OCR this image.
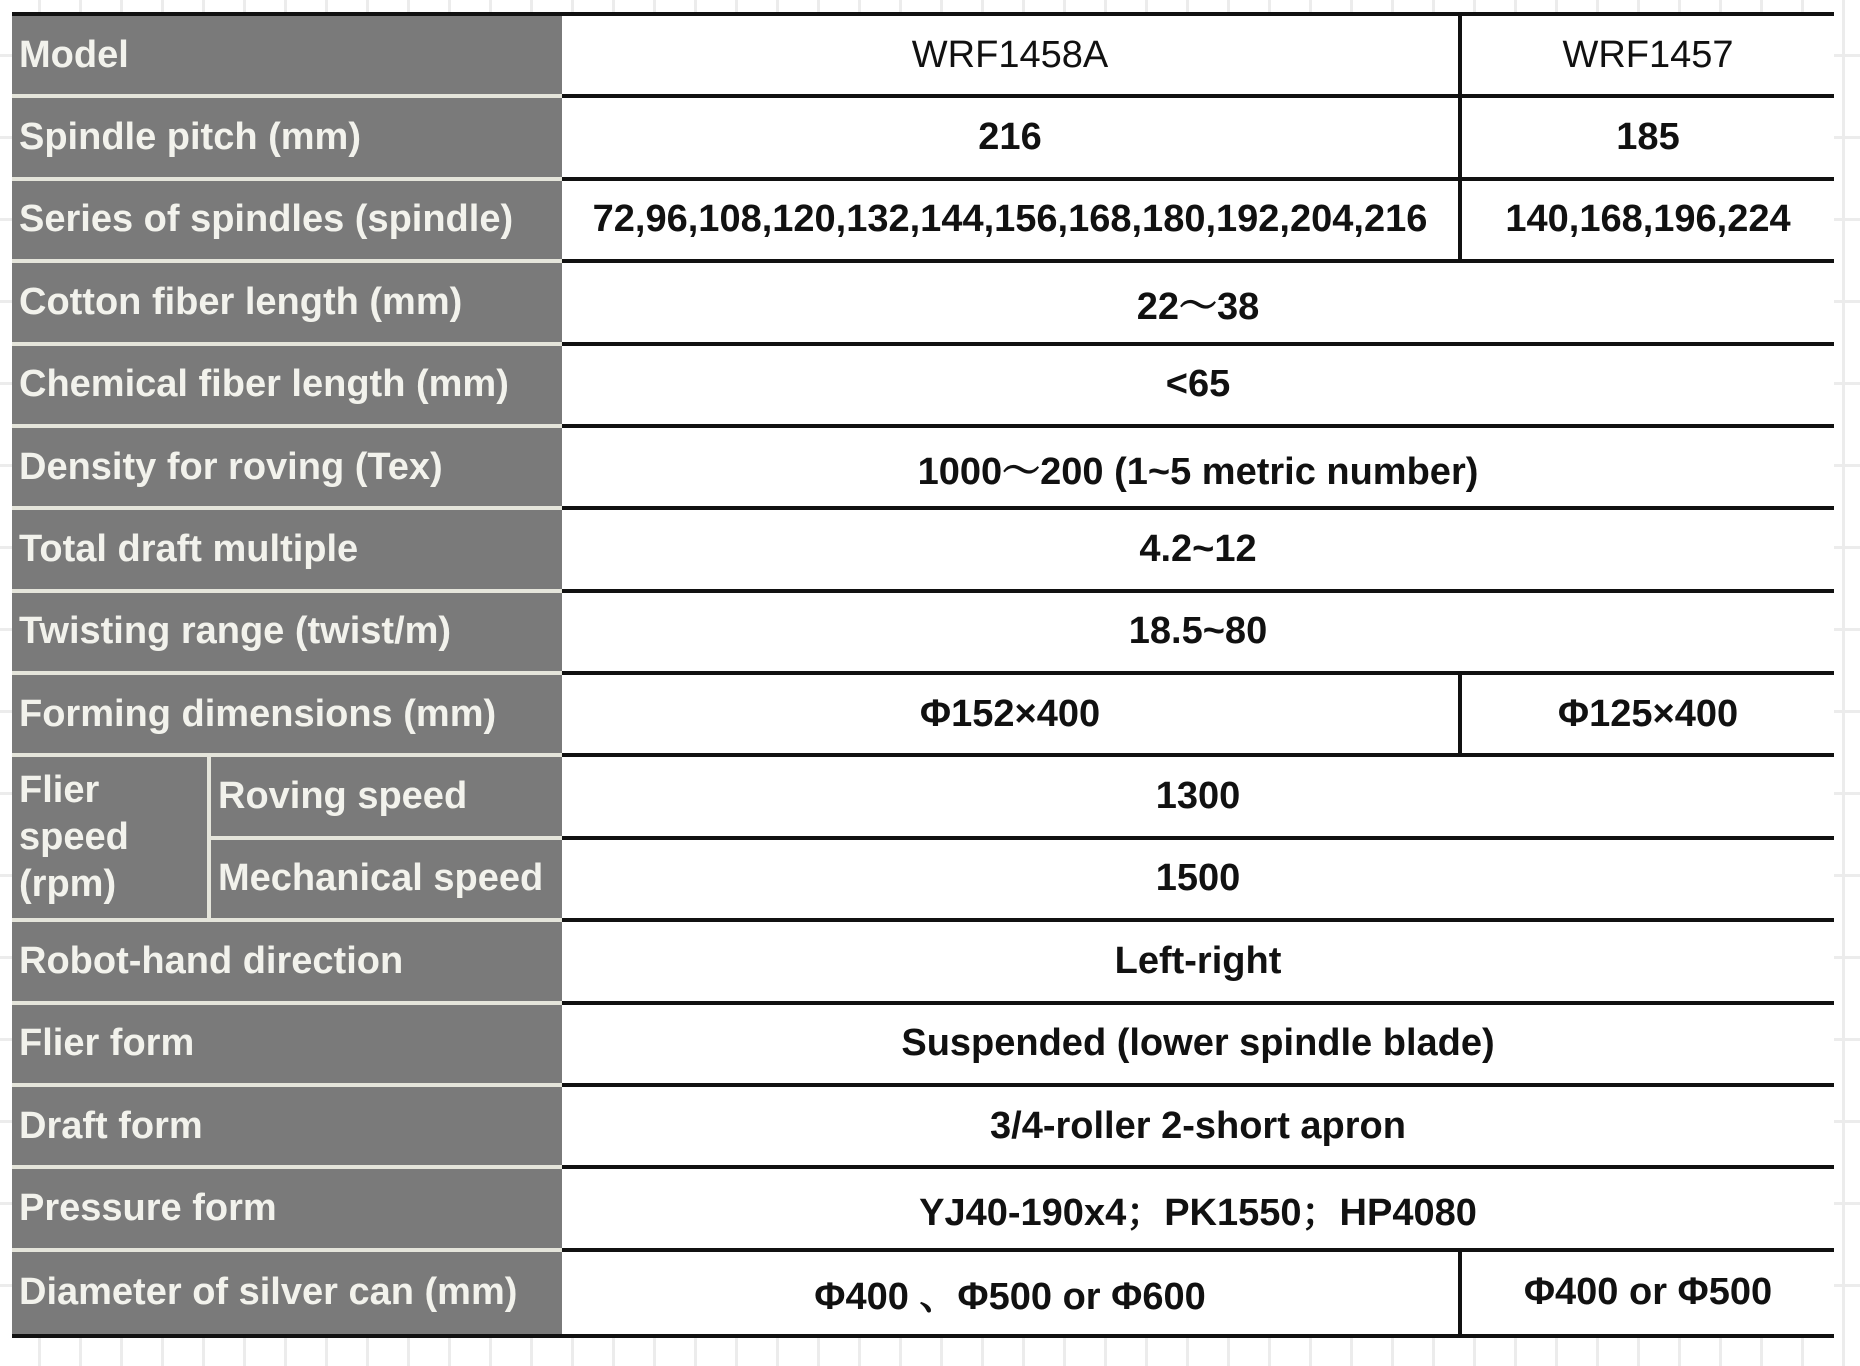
Model	WRF1458A	WRF1457
Spindle pitch (mm)	216	185
Series of spindles (spindle)	72,96,108,120,132,144,156,168,180,192,204,216	140,168,196,224
Cotton fiber length (mm)	22～38
Chemical fiber length (mm)	<65
Density for roving (Tex)	1000～200 (1~5 metric number)
Total draft multiple	4.2~12
Twisting range (twist/m)	18.5~80
Forming dimensions (mm)	Φ152×400	Φ125×400
Flier
speed
(rpm)
Roving speed	1300
Mechanical speed	1500
Robot-hand direction	Left-right
Flier form	Suspended (lower spindle blade)
Draft form	3/4-roller 2-short apron
Pressure form	YJ40-190x4；PK1550；HP4080
Diameter of silver can (mm)	Φ400 、Φ500 or Φ600	Φ400 or Φ500
